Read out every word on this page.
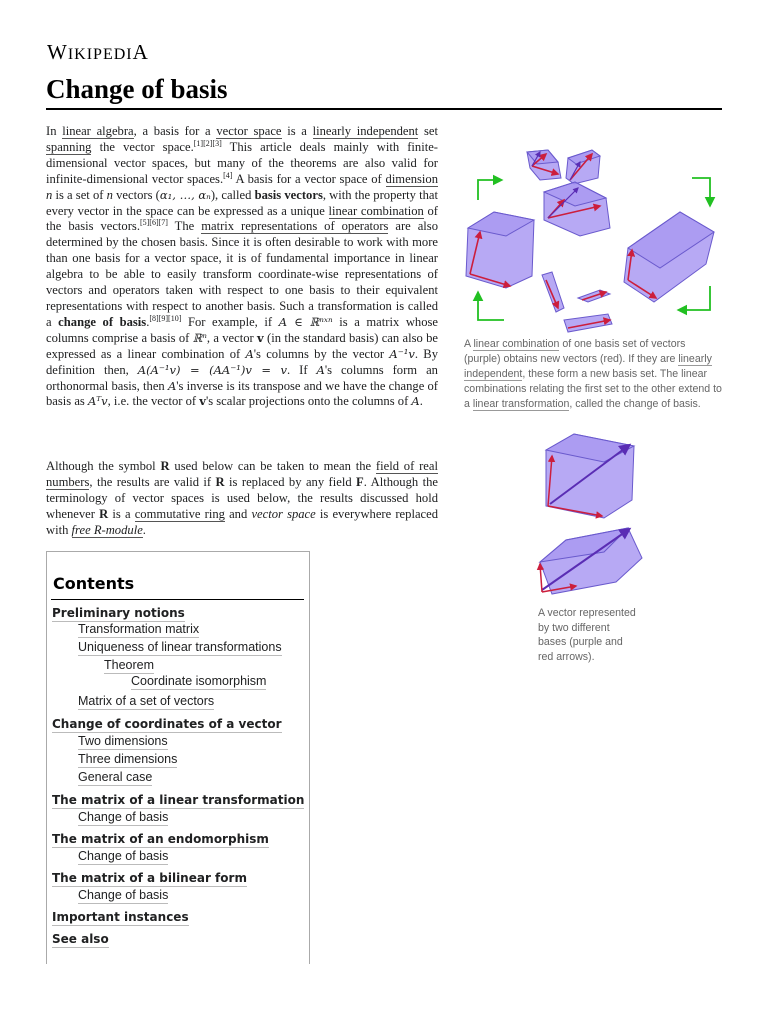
WIKIPEDIA
Change of basis

In linear algebra, a basis for a vector space is a linearly independent set spanning the vector space.[1][2][3] This article deals mainly with finite-dimensional vector spaces, but many of the theorems are also valid for infinite-dimensional vector spaces.[4] A basis for a vector space of dimension n is a set of n vectors (α₁, …, αₙ), called basis vectors, with the property that every vector in the space can be expressed as a unique linear combination of the basis vectors.[5][6][7] The matrix representations of operators are also determined by the chosen basis. Since it is often desirable to work with more than one basis for a vector space, it is of fundamental importance in linear algebra to be able to easily transform coordinate-wise representations of vectors and operators taken with respect to one basis to their equivalent representations with respect to another basis. Such a transformation is called a change of basis.[8][9][10] For example, if A ∈ ℝⁿˣⁿ is a matrix whose columns comprise a basis of ℝⁿ, a vector v (in the standard basis) can also be expressed as a linear combination of A's columns by the vector A⁻¹v. By definition then, A(A⁻¹v) = (AA⁻¹)v = v. If A's columns form an orthonormal basis, then A's inverse is its transpose and we have the change of basis as Aᵀv, i.e. the vector of v's scalar projections onto the columns of A.

Although the symbol R used below can be taken to mean the field of real numbers, the results are valid if R is replaced by any field F. Although the terminology of vector spaces is used below, the results discussed hold whenever R is a commutative ring and vector space is everywhere replaced with free R-module.

A linear combination of one basis set of vectors (purple) obtains new vectors (red). If they are linearly independent, these form a new basis set. The linear combinations relating the first set to the other extend to a linear transformation, called the change of basis.
A vector represented by two different bases (purple and red arrows).
Contents
Preliminary notions
Transformation matrix
Uniqueness of linear transformations
Theorem
Coordinate isomorphism
Matrix of a set of vectors
Change of coordinates of a vector
Two dimensions
Three dimensions
General case
The matrix of a linear transformation
Change of basis
The matrix of an endomorphism
Change of basis
The matrix of a bilinear form
Change of basis
Important instances
See also
